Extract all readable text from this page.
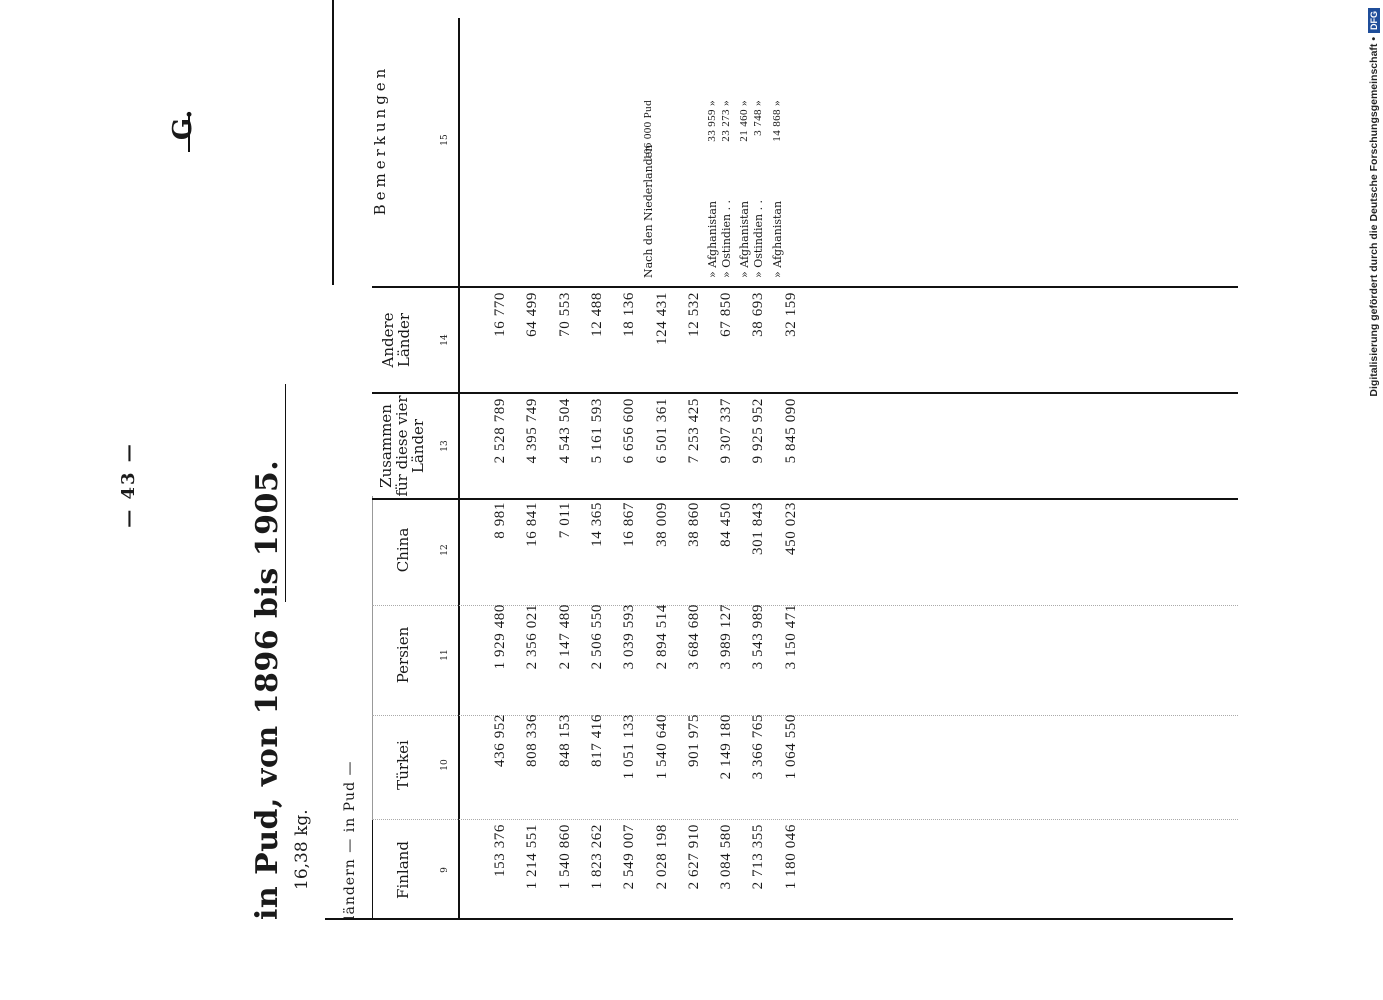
— 43 —
G.
in Pud, von 1896 bis 1905. 16,38 kg. ländern — in Pud — Finland
Türkei
Persien
China
Zusammen für diese vier Länder
Andere Länder
Bemerkungen
9
10
11
12
13
14
15
153 376
436 952
1 929 480
8 981
2 528 789
16 770
1 214 551
808 336
2 356 021
16 841
4 395 749
64 499
1 540 860
848 153
2 147 480
7 011
4 543 504
70 553
1 823 262
817 416
2 506 550
14 365
5 161 593
12 488
2 549 007
1 051 133
3 039 593
16 867
6 656 600
18 136
2 028 198
1 540 640
2 894 514
38 009
6 501 361
124 431
2 627 910
901 975
3 684 680
38 860
7 253 425
12 532
3 084 580
2 149 180
3 989 127
84 450
9 307 337
67 850
2 713 355
3 366 765
3 543 989
301 843
9 925 952
38 693
1 180 046
1 064 550
3 150 471
450 023
5 845 090
32 159
Nach den Niederlanden
106 000 Pud
» Afghanistan
33 959 »
» Ostindien . .
23 273 »
» Afghanistan
21 460 »
» Ostindien . .
3 748 »
» Afghanistan
14 868 »	Digitalisierung gefördert durch die Deutsche Forschungsgemeinschaft •DFG
